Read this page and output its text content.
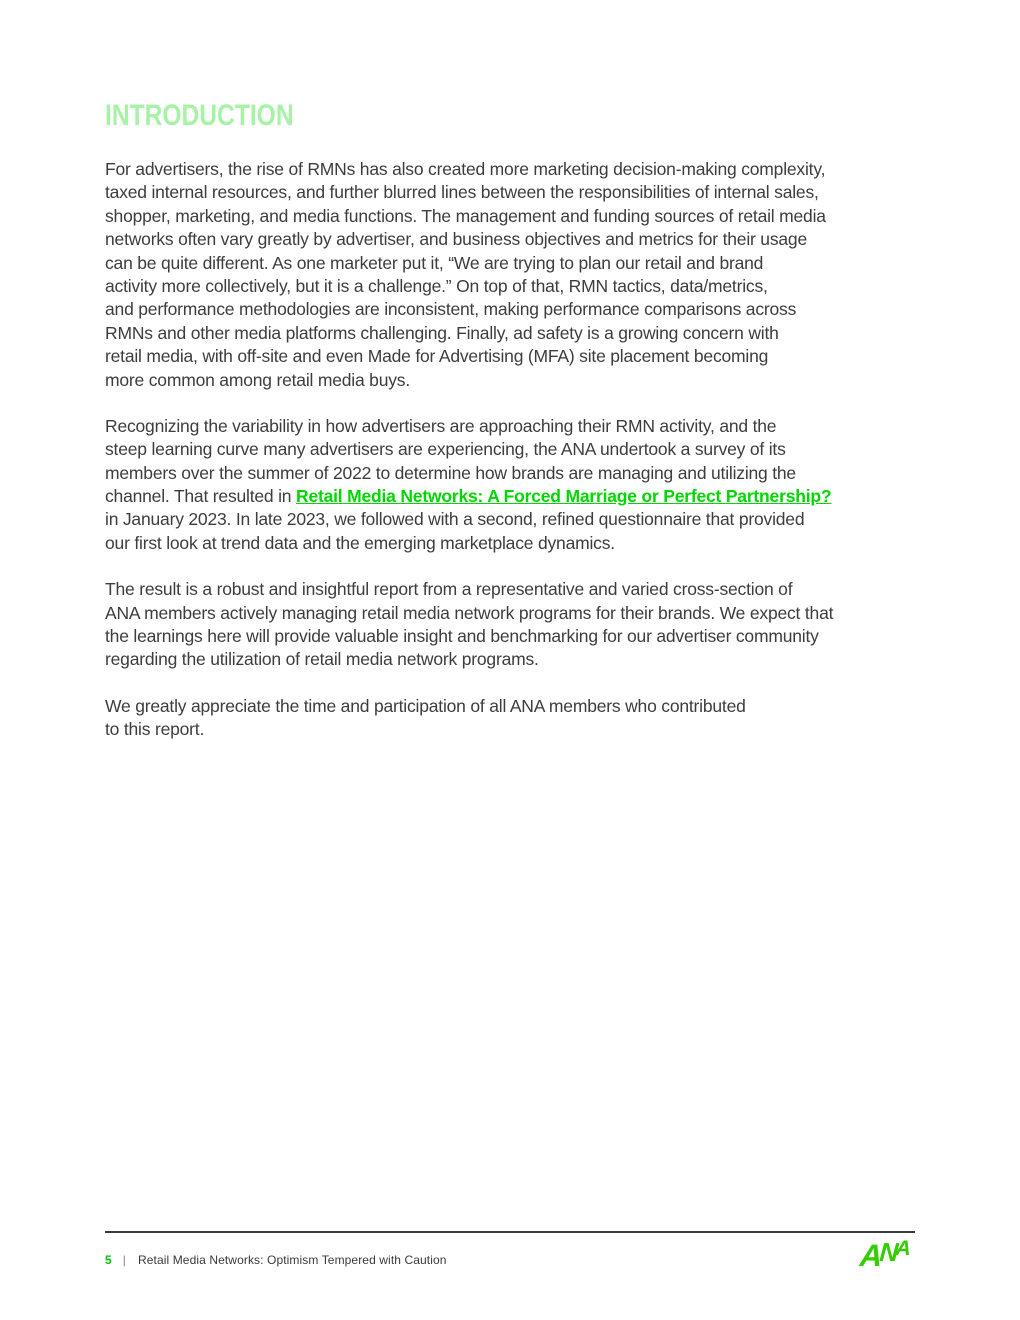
INTRODUCTION
For advertisers, the rise of RMNs has also created more marketing decision-making complexity,
taxed internal resources, and further blurred lines between the responsibilities of internal sales,
shopper, marketing, and media functions. The management and funding sources of retail media
networks often vary greatly by advertiser, and business objectives and metrics for their usage
can be quite different. As one marketer put it, “We are trying to plan our retail and brand
activity more collectively, but it is a challenge.” On top of that, RMN tactics, data/metrics,
and performance methodologies are inconsistent, making performance comparisons across
RMNs and other media platforms challenging. Finally, ad safety is a growing concern with
retail media, with off-site and even Made for Advertising (MFA) site placement becoming
more common among retail media buys.
Recognizing the variability in how advertisers are approaching their RMN activity, and the
steep learning curve many advertisers are experiencing, the ANA undertook a survey of its
members over the summer of 2022 to determine how brands are managing and utilizing the
channel. That resulted in Retail Media Networks: A Forced Marriage or Perfect Partnership?
in January 2023. In late 2023, we followed with a second, refined questionnaire that provided
our first look at trend data and the emerging marketplace dynamics.
The result is a robust and insightful report from a representative and varied cross-section of
ANA members actively managing retail media network programs for their brands. We expect that
the learnings here will provide valuable insight and benchmarking for our advertiser community
regarding the utilization of retail media network programs.
We greatly appreciate the time and participation of all ANA members who contributed
to this report.
5 | Retail Media Networks: Optimism Tempered with Caution	ANA
